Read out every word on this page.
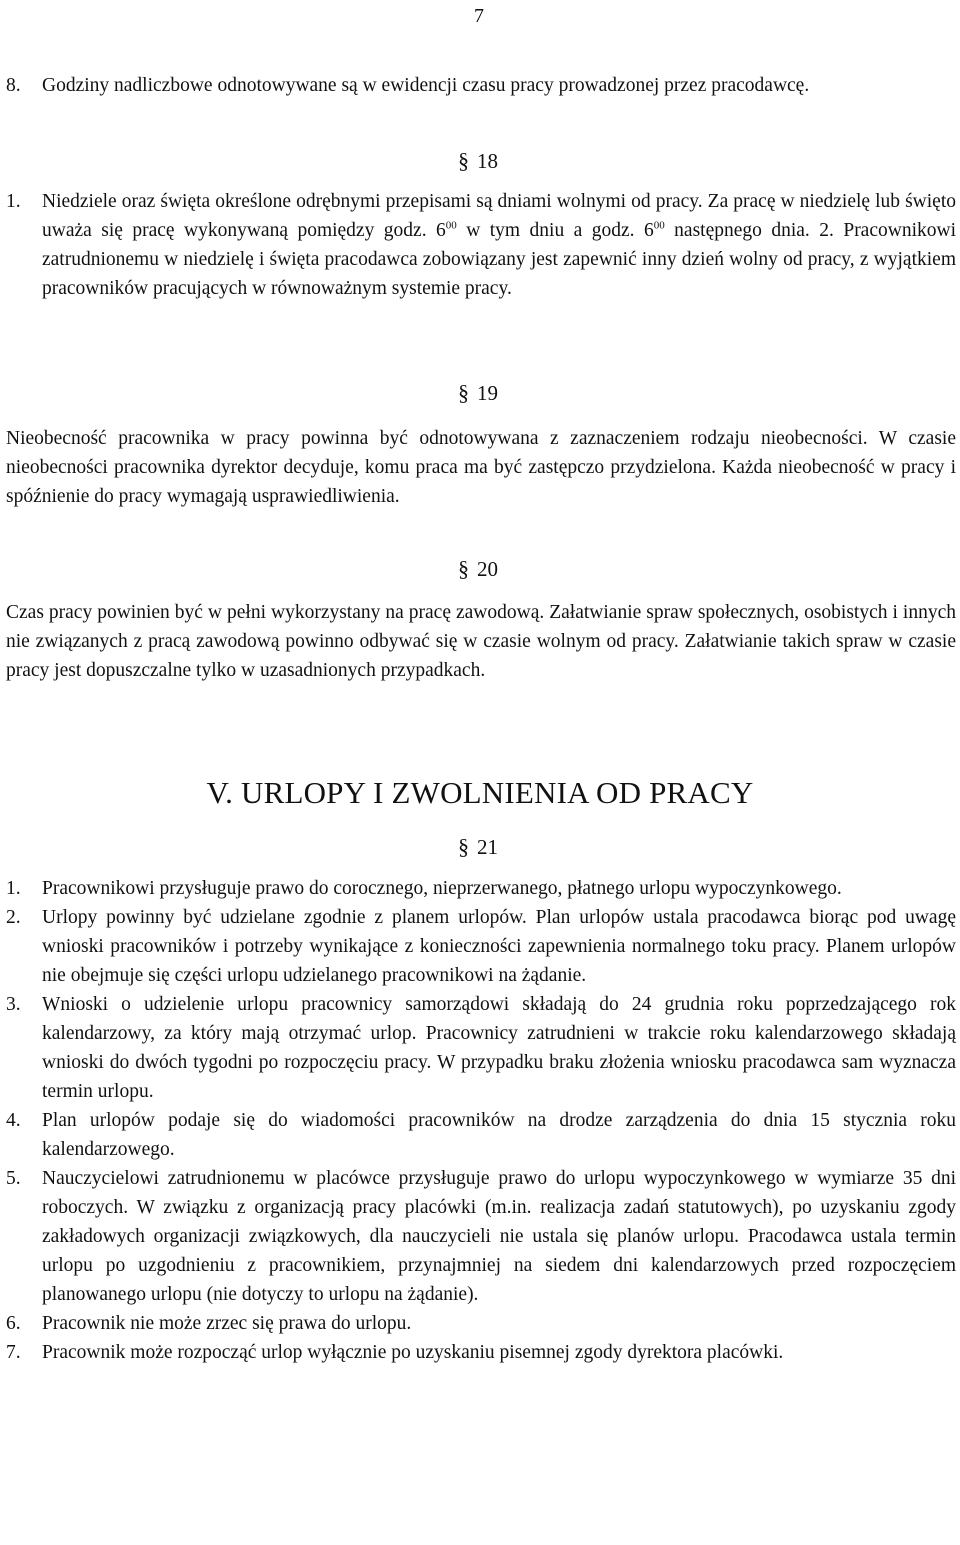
7
8.	Godziny nadliczbowe odnotowywane są w ewidencji czasu pracy prowadzonej przez pracodawcę.
§ 18
1.	Niedziele oraz święta określone odrębnymi przepisami są dniami wolnymi od pracy. Za pracę w niedzielę lub święto uważa się pracę wykonywaną pomiędzy godz. $6^{00}$ w tym dniu a godz. $6^{00}$ następnego dnia. 2. Pracownikowi zatrudnionemu w niedzielę i święta pracodawca zobowiązany jest zapewnić inny dzień wolny od pracy, z wyjątkiem pracowników pracujących w równoważnym systemie pracy.
§ 19

Nieobecność pracownika w pracy powinna być odnotowywana z zaznaczeniem rodzaju nieobecności. W czasie nieobecności pracownika dyrektor decyduje, komu praca ma być zastępczo przydzielona. Każda nieobecność w pracy i spóźnienie do pracy wymagają usprawiedliwienia.

§ 20

Czas pracy powinien być w pełni wykorzystany na pracę zawodową. Załatwianie spraw społecznych, osobistych i innych nie związanych z pracą zawodową powinno odbywać się w czasie wolnym od pracy. Załatwianie takich spraw w czasie pracy jest dopuszczalne tylko w uzasadnionych przypadkach.

V. URLOPY I ZWOLNIENIA OD PRACY
§ 21
1.	Pracownikowi przysługuje prawo do corocznego, nieprzerwanego, płatnego urlopu wypoczynkowego.
2.	Urlopy powinny być udzielane zgodnie z planem urlopów. Plan urlopów ustala pracodawca biorąc pod uwagę wnioski pracowników i potrzeby wynikające z konieczności zapewnienia normalnego toku pracy. Planem urlopów nie obejmuje się części urlopu udzielanego pracownikowi na żądanie.
3.	Wnioski o udzielenie urlopu pracownicy samorządowi składają do 24 grudnia roku poprzedzającego rok kalendarzowy, za który mają otrzymać urlop. Pracownicy zatrudnieni w trakcie roku kalendarzowego składają wnioski do dwóch tygodni po rozpoczęciu pracy. W przypadku braku złożenia wniosku pracodawca sam wyznacza termin urlopu.
4.	Plan urlopów podaje się do wiadomości pracowników na drodze zarządzenia do dnia 15 stycznia roku kalendarzowego.
5.	Nauczycielowi zatrudnionemu w placówce przysługuje prawo do urlopu wypoczynkowego w wymiarze 35 dni roboczych. W związku z organizacją pracy placówki (m.in. realizacja zadań statutowych), po uzyskaniu zgody zakładowych organizacji związkowych, dla nauczycieli nie ustala się planów urlopu. Pracodawca ustala termin urlopu po uzgodnieniu z pracownikiem, przynajmniej na siedem dni kalendarzowych przed rozpoczęciem planowanego urlopu (nie dotyczy to urlopu na żądanie).
6.	Pracownik nie może zrzec się prawa do urlopu.
7.	Pracownik może rozpocząć urlop wyłącznie po uzyskaniu pisemnej zgody dyrektora placówki.
